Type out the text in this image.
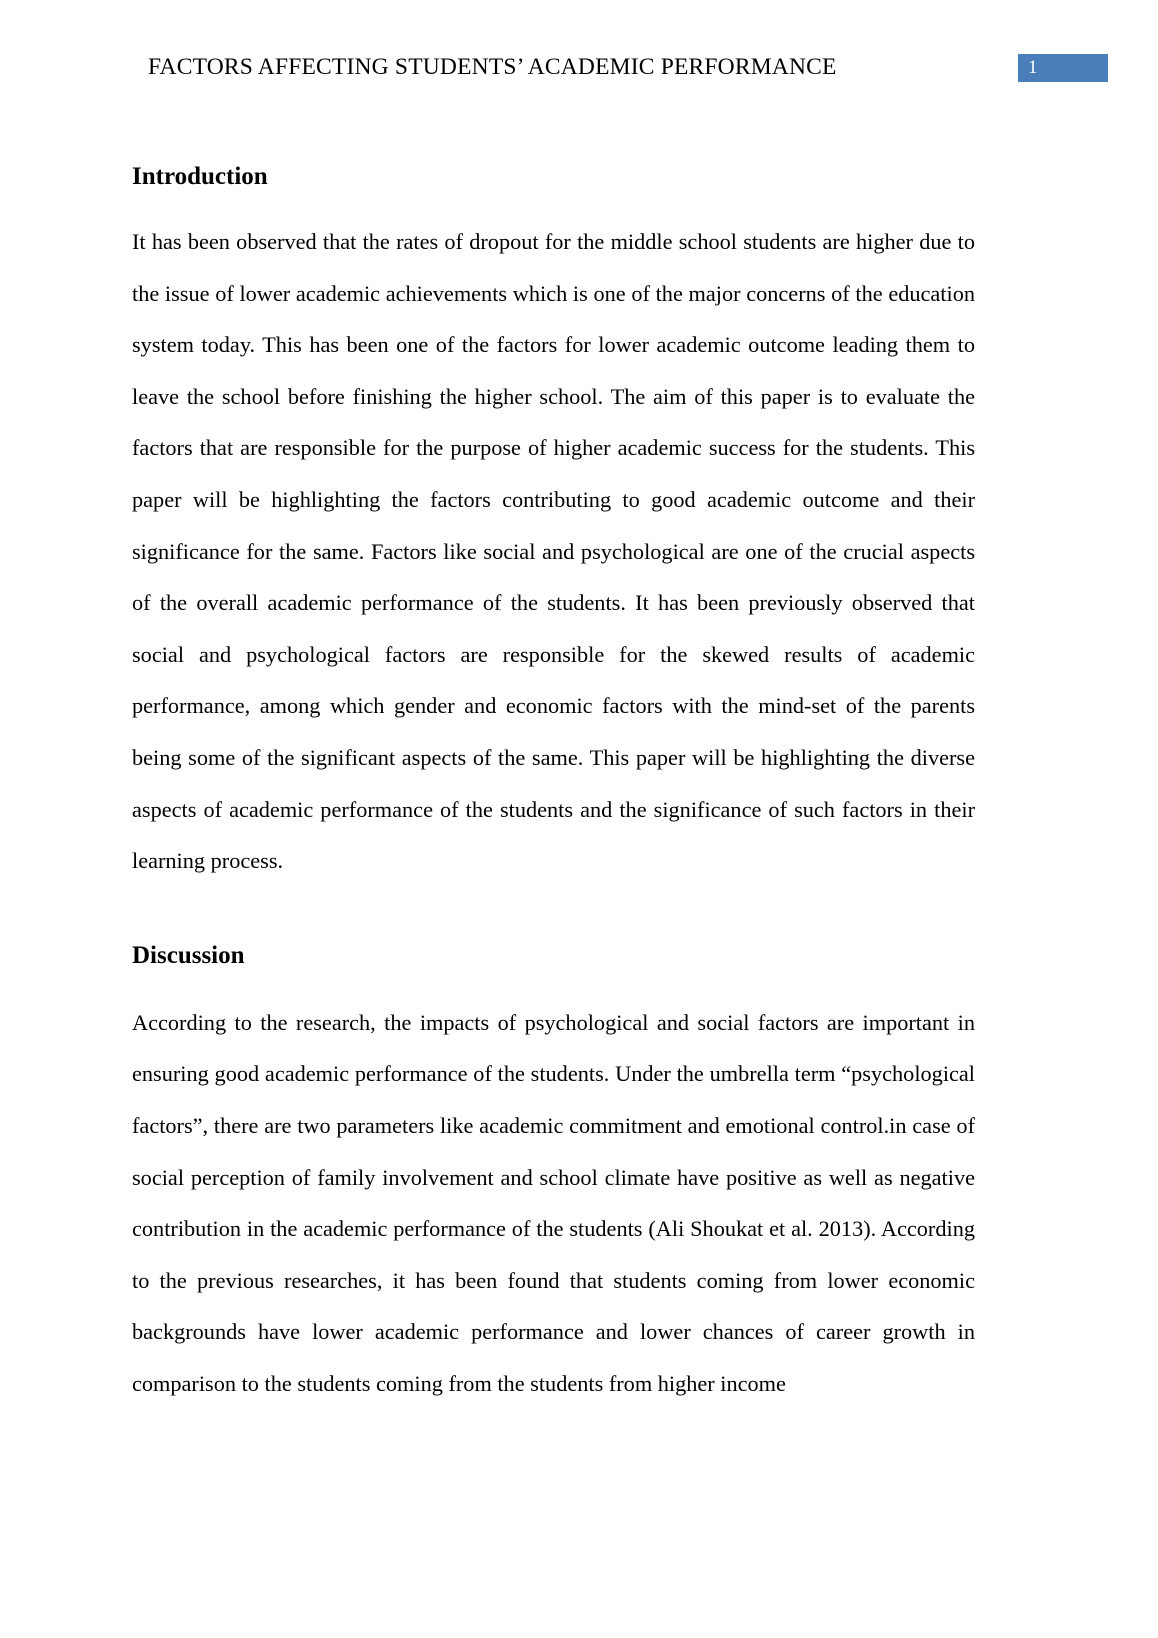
FACTORS AFFECTING STUDENTS’ ACADEMIC PERFORMANCE	1
Introduction

It has been observed that the rates of dropout for the middle school students are higher due to the issue of lower academic achievements which is one of the major concerns of the education system today. This has been one of the factors for lower academic outcome leading them to leave the school before finishing the higher school. The aim of this paper is to evaluate the factors that are responsible for the purpose of higher academic success for the students. This paper will be highlighting the factors contributing to good academic outcome and their significance for the same. Factors like social and psychological are one of the crucial aspects of the overall academic performance of the students. It has been previously observed that social and psychological factors are responsible for the skewed results of academic performance, among which gender and economic factors with the mind-set of the parents being some of the significant aspects of the same. This paper will be highlighting the diverse aspects of academic performance of the students and the significance of such factors in their learning process.

Discussion

According to the research, the impacts of psychological and social factors are important in ensuring good academic performance of the students. Under the umbrella term “psychological factors”, there are two parameters like academic commitment and emotional control.in case of social perception of family involvement and school climate have positive as well as negative contribution in the academic performance of the students (Ali Shoukat et al. 2013). According to the previous researches, it has been found that students coming from lower economic backgrounds have lower academic performance and lower chances of career growth in comparison to the students coming from the students from higher income
